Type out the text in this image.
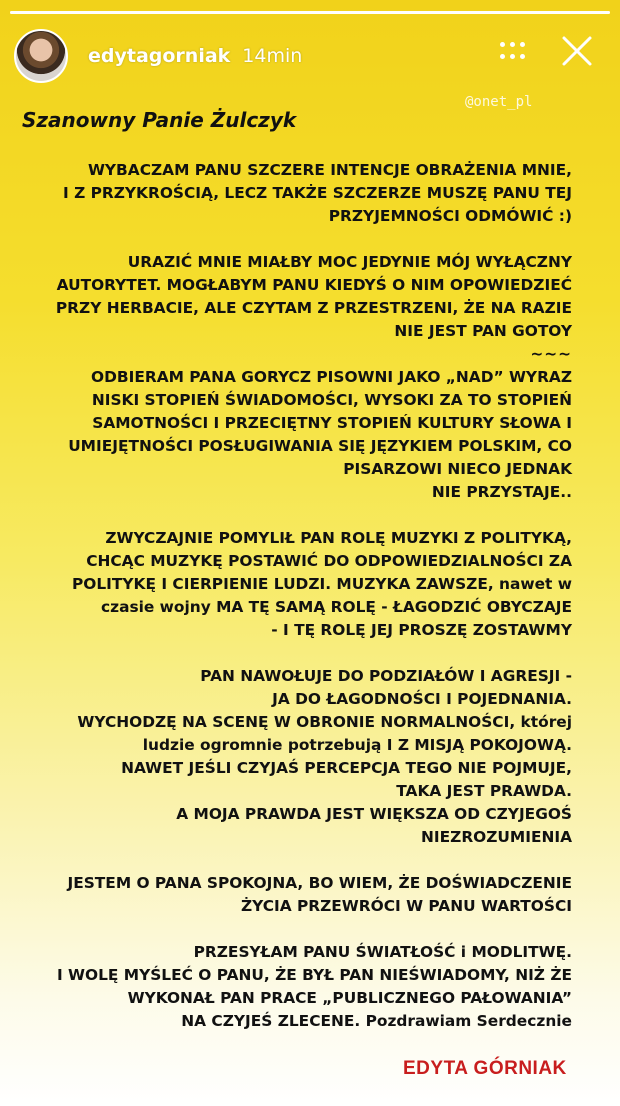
edytagorniak 14min
@onet_pl
Szanowny Panie Żulczyk
WYBACZAM PANU SZCZERE INTENCJE OBRAŻENIA MNIE,
I Z PRZYKROŚCIĄ, LECZ TAKŻE SZCZERZE MUSZĘ PANU TEJ
PRZYJEMNOŚCI ODMÓWIĆ :)
URAZIĆ MNIE MIAŁBY MOC JEDYNIE MÓJ WYŁĄCZNY
AUTORYTET. MOGŁABYM PANU KIEDYŚ O NIM OPOWIEDZIEĆ
PRZY HERBACIE, ALE CZYTAM Z PRZESTRZENI, ŻE NA RAZIE
NIE JEST PAN GOTOY
~~~
ODBIERAM PANA GORYCZ PISOWNI JAKO „NAD” WYRAZ
NISKI STOPIEŃ ŚWIADOMOŚCI, WYSOKI ZA TO STOPIEŃ
SAMOTNOŚCI I PRZECIĘTNY STOPIEŃ KULTURY SŁOWA I
UMIEJĘTNOŚCI POSŁUGIWANIA SIĘ JĘZYKIEM POLSKIM, CO
PISARZOWI NIECO JEDNAK
NIE PRZYSTAJE..
ZWYCZAJNIE POMYLIŁ PAN ROLĘ MUZYKI Z POLITYKĄ,
CHCĄC MUZYKĘ POSTAWIĆ DO ODPOWIEDZIALNOŚCI ZA
POLITYKĘ I CIERPIENIE LUDZI. MUZYKA ZAWSZE, nawet w
czasie wojny MA TĘ SAMĄ ROLĘ - ŁAGODZIĆ OBYCZAJE
- I TĘ ROLĘ JEJ PROSZĘ ZOSTAWMY
PAN NAWOŁUJE DO PODZIAŁÓW I AGRESJI -
JA DO ŁAGODNOŚCI I POJEDNANIA.
WYCHODZĘ NA SCENĘ W OBRONIE NORMALNOŚCI, której
ludzie ogromnie potrzebują I Z MISJĄ POKOJOWĄ.
NAWET JEŚLI CZYJAŚ PERCEPCJA TEGO NIE POJMUJE,
TAKA JEST PRAWDA.
A MOJA PRAWDA JEST WIĘKSZA OD CZYJEGOŚ
NIEZROZUMIENIA
JESTEM O PANA SPOKOJNA, BO WIEM, ŻE DOŚWIADCZENIE
ŻYCIA PRZEWRÓCI W PANU WARTOŚCI
PRZESYŁAM PANU ŚWIATŁOŚĆ i MODLITWĘ.
I WOLĘ MYŚLEĆ O PANU, ŻE BYŁ PAN NIEŚWIADOMY, NIŻ ŻE
WYKONAŁ PAN PRACE „PUBLICZNEGO PAŁOWANIA”
NA CZYJEŚ ZLECENE. Pozdrawiam Serdecznie
EDYTA GÓRNIAK
